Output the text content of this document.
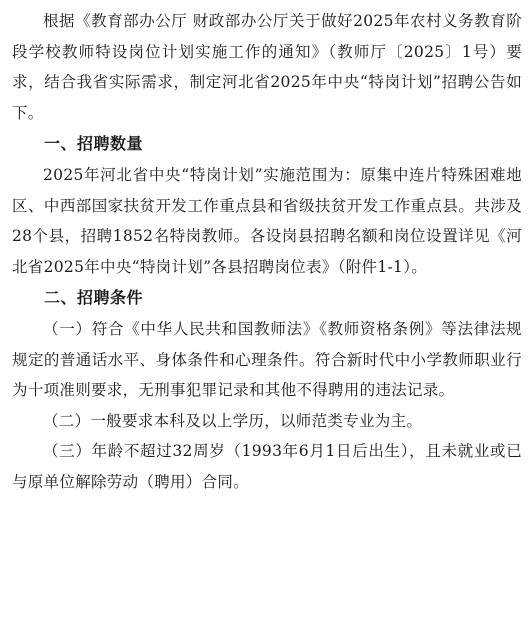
根据《教育部办公厅 财政部办公厅关于做好2025年农村义务教育阶段学校教师特设岗位计划实施工作的通知》（教师厅〔2025〕1号）要求，结合我省实际需求，制定河北省2025年中央“特岗计划”招聘公告如下。

一、招聘数量

2025年河北省中央“特岗计划”实施范围为：原集中连片特殊困难地区、中西部国家扶贫开发工作重点县和省级扶贫开发工作重点县。共涉及28个县，招聘1852名特岗教师。各设岗县招聘名额和岗位设置详见《河北省2025年中央“特岗计划”各县招聘岗位表》（附件1-1）。

二、招聘条件

（一）符合《中华人民共和国教师法》《教师资格条例》等法律法规规定的普通话水平、身体条件和心理条件。符合新时代中小学教师职业行为十项准则要求，无刑事犯罪记录和其他不得聘用的违法记录。

（二）一般要求本科及以上学历，以师范类专业为主。

（三）年龄不超过32周岁（1993年6月1日后出生），且未就业或已与原单位解除劳动（聘用）合同。
